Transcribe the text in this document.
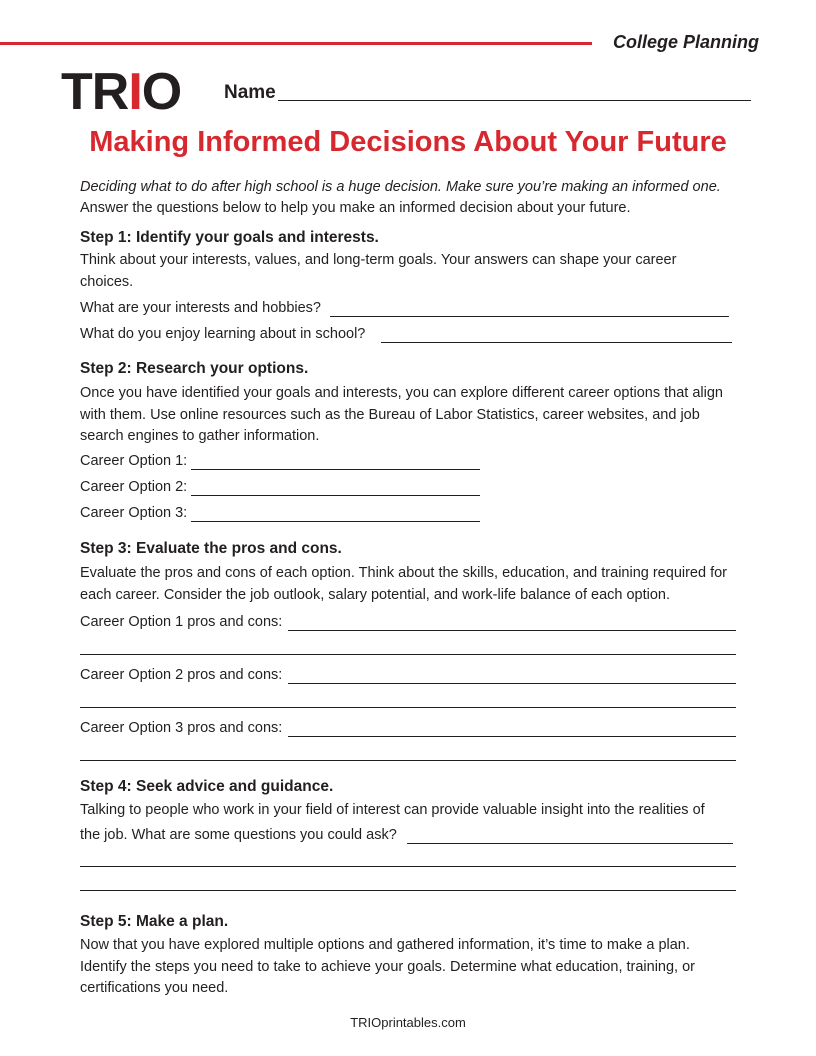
College Planning
TRIO Name
Making Informed Decisions About Your Future
Deciding what to do after high school is a huge decision. Make sure you’re making an informed one.
Answer the questions below to help you make an informed decision about your future.
Step 1: Identify your goals and interests.
Think about your interests, values, and long-term goals. Your answers can shape your career choices.
What are your interests and hobbies?
What do you enjoy learning about in school?
Step 2: Research your options.
Once you have identified your goals and interests, you can explore different career options that align with them. Use online resources such as the Bureau of Labor Statistics, career websites, and job search engines to gather information.
Career Option 1:
Career Option 2:
Career Option 3:
Step 3: Evaluate the pros and cons.
Evaluate the pros and cons of each option. Think about the skills, education, and training required for each career. Consider the job outlook, salary potential, and work-life balance of each option.
Career Option 1 pros and cons:
Career Option 2 pros and cons:
Career Option 3 pros and cons:
Step 4: Seek advice and guidance.
Talking to people who work in your field of interest can provide valuable insight into the realities of
the job. What are some questions you could ask?
Step 5: Make a plan.
Now that you have explored multiple options and gathered information, it’s time to make a plan. Identify the steps you need to take to achieve your goals. Determine what education, training, or certifications you need.
TRIOprintables.com
